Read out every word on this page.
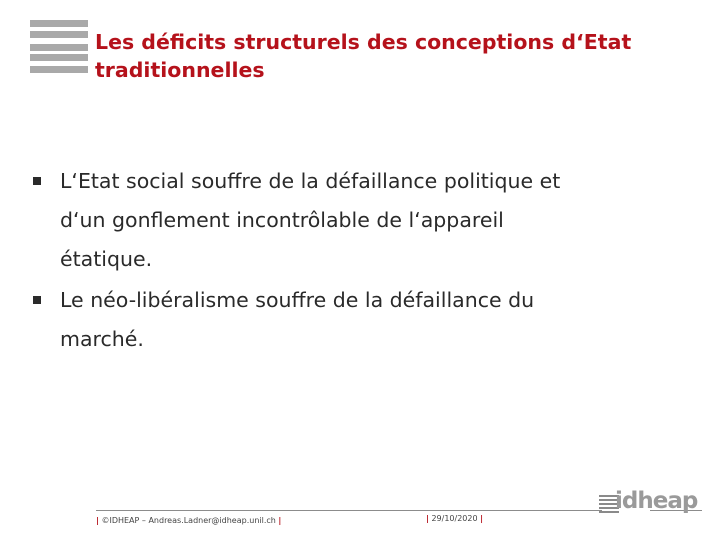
Les déficits structurels des conceptions d‘Etat
traditionnelles
L‘Etat social souffre de la défaillance politique et
d‘un gonflement incontrôlable de l‘appareil
étatique.
Le néo-libéralisme souffre de la défaillance du
marché.
| ©IDHEAP – Andreas.Ladner@idheap.unil.ch |	| 29/10/2020 |
idheap
